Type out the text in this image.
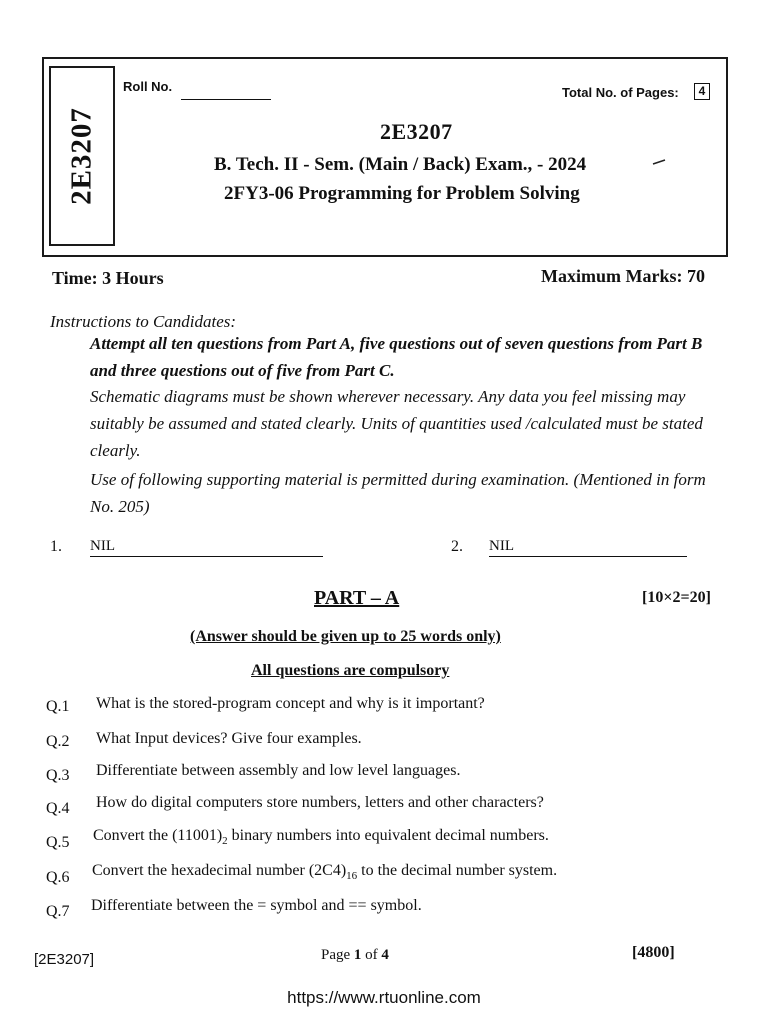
2E3207
Roll No.	Total No. of Pages:	4
2E3207
B. Tech. II - Sem. (Main / Back) Exam., - 2024
2FY3-06 Programming for Problem Solving
Time: 3 Hours	Maximum Marks: 70
Instructions to Candidates:
Attempt all ten questions from Part A, five questions out of seven questions from Part B and three questions out of five from Part C.
Schematic diagrams must be shown wherever necessary. Any data you feel missing may suitably be assumed and stated clearly. Units of quantities used /calculated must be stated clearly.
Use of following supporting material is permitted during examination. (Mentioned in form No. 205)
1. NIL	2. NIL
PART – A	[10×2=20]
(Answer should be given up to 25 words only)
All questions are compulsory
Q.1 What is the stored-program concept and why is it important?
Q.2 What Input devices? Give four examples.
Q.3 Differentiate between assembly and low level languages.
Q.4 How do digital computers store numbers, letters and other characters?
Q.5 Convert the $(11001)_2$ binary numbers into equivalent decimal numbers.
Q.6 Convert the hexadecimal number $(2C4)_{16}$ to the decimal number system.
Q.7 Differentiate between the = symbol and == symbol.
[2E3207]	Page 1 of 4	[4800]
https://www.rtuonline.com
